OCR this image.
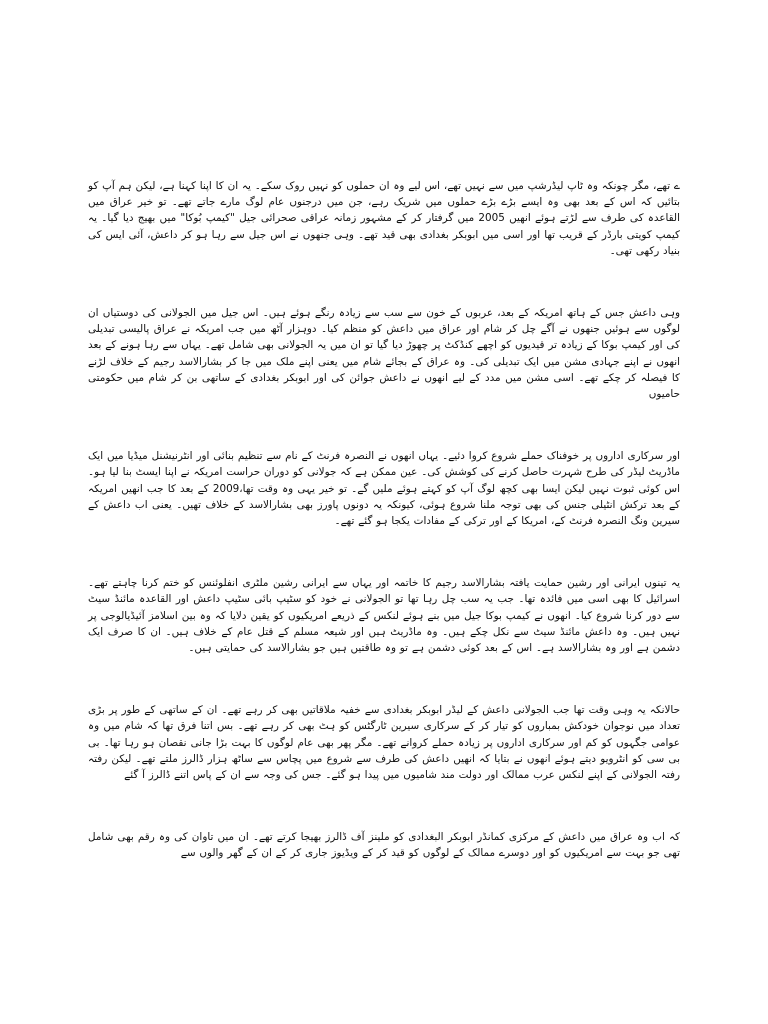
ے تھے، مگر چونکہ وہ ٹاپ لیڈرشپ میں سے نہیں تھے، اس لیے وہ ان حملوں کو نہیں روک سکے۔ یہ ان کا اپنا کہنا ہے، لیکن ہم آپ کو بتائیں کہ اس کے بعد بھی وہ ایسے بڑے بڑے حملوں میں شریک رہے، جن میں درجنوں عام لوگ مارے جاتے تھے۔ تو خیر عراق میں القاعدہ کی طرف سے لڑتے ہوئے انھیں 2005 میں گرفتار کر کے مشہور زمانہ عراقی صحرائی جیل "کیمپ بُوکا" میں بھیج دیا گیا۔ یہ کیمپ کویتی بارڈر کے قریب تھا اور اسی میں ابوبکر بغدادی بھی قید تھے۔ وہی جنھوں نے اس جیل سے رہا ہو کر داعش، آئی ایس کی بنیاد رکھی تھی۔

وہی داعش جس کے ہاتھ امریکہ کے بعد، عربوں کے خون سے سب سے زیادہ رنگے ہوئے ہیں۔ اس جیل میں الجولانی کی دوستیاں ان لوگوں سے ہوئیں جنھوں نے آگے چل کر شام اور عراق میں داعش کو منظم کیا۔ دوہزار آٹھ میں جب امریکہ نے عراق پالیسی تبدیلی کی اور کیمپ بوکا کے زیادہ تر قیدیوں کو اچھے کنڈکٹ پر چھوڑ دیا گیا تو ان میں یہ الجولانی بھی شامل تھے۔ یہاں سے رہا ہونے کے بعد انھوں نے اپنے جہادی مشن میں ایک تبدیلی کی۔ وہ عراق کے بجائے شام میں یعنی اپنے ملک میں جا کر بشارالاسد رجیم کے خلاف لڑنے کا فیصلہ کر چکے تھے۔ اسی مشن میں مدد کے لیے انھوں نے داعش جوائن کی اور ابوبکر بغدادی کے ساتھی بن کر شام میں حکومتی حامیوں

اور سرکاری اداروں پر خوفناک حملے شروع کروا دئیے۔ یہاں انھوں نے النصرہ فرنٹ کے نام سے تنظیم بنائی اور انٹرنیشنل میڈیا میں ایک ماڈریٹ لیڈر کی طرح شہرت حاصل کرنے کی کوشش کی۔ عین ممکن ہے کہ جولانی کو دوران حراست امریکہ نے اپنا ایسٹ بنا لیا ہو۔ اس کوئی ثبوت نہیں لیکن ایسا بھی کچھ لوگ آپ کو کہتے ہوئے ملیں گے۔ تو خیر یہی وہ وقت تھا،2009 کے بعد کا جب انھیں امریکہ کے بعد ترکش انٹیلی جنس کی بھی توجہ ملنا شروع ہوئی، کیونکہ یہ دونوں پاورز بھی بشارالاسد کے خلاف تھیں۔ یعنی اب داعش کے سیرین ونگ النصرہ فرنٹ کے، امریکا کے اور ترکی کے مفادات یکجا ہو گئے تھے۔

یہ تینوں ایرانی اور رشین حمایت یافتہ بشارالاسد رجیم کا خاتمہ اور یہاں سے ایرانی رشین ملٹری انفلوئنس کو ختم کرنا چاہتے تھے۔ اسرائیل کا بھی اسی میں فائدہ تھا۔ جب یہ سب چل رہا تھا تو الجولانی نے خود کو سٹیپ بائی سٹیپ داعش اور القاعدہ مائنڈ سیٹ سے دور کرنا شروع کیا۔ انھوں نے کیمپ بوکا جیل میں بنے ہوئے لنکس کے ذریعے امریکیوں کو یقین دلایا کہ وہ بین اسلامز آئیڈیالوجی پر نہیں ہیں۔ وہ داعش مائنڈ سیٹ سے نکل چکے ہیں۔ وہ ماڈریٹ ہیں اور شیعہ مسلم کے قتل عام کے خلاف ہیں۔ ان کا صرف ایک دشمن ہے اور وہ بشارالاسد ہے۔ اس کے بعد کوئی دشمن ہے تو وہ طاقتیں ہیں جو بشارالاسد کی حمایتی ہیں۔

حالانکہ یہ وہی وقت تھا جب الجولانی داعش کے لیڈر ابوبکر بغدادی سے خفیہ ملاقاتیں بھی کر رہے تھے۔ ان کے ساتھی کے طور پر بڑی تعداد میں نوجوان خودکش بمباروں کو تیار کر کے سرکاری سیرین ٹارگٹس کو ہٹ بھی کر رہے تھے۔ بس اتنا فرق تھا کہ شام میں وہ عوامی جگہوں کو کم اور سرکاری اداروں پر زیادہ حملے کروانے تھے۔ مگر پھر بھی عام لوگوں کا بہت بڑا جانی نقصان ہو رہا تھا۔ بی بی سی کو انٹرویو دیتے ہوئے انھوں نے بتایا کہ انھیں داعش کی طرف سے شروع میں پچاس سے ساٹھ ہزار ڈالرز ملتے تھے۔ لیکن رفتہ رفتہ الجولانی کے اپنے لنکس عرب ممالک اور دولت مند شامیوں میں پیدا ہو گئے۔ جس کی وجہ سے ان کے پاس اتنے ڈالرز آ گئے

کہ اب وہ عراق میں داعش کے مرکزی کمانڈر ابوبکر البغدادی کو ملینز آف ڈالرز بھیجا کرتے تھے۔ ان میں تاوان کی وہ رقم بھی شامل تھی جو بہت سے امریکیوں کو اور دوسرے ممالک کے لوگوں کو قید کر کے ویڈیوز جاری کر کے ان کے گھر والوں سے
